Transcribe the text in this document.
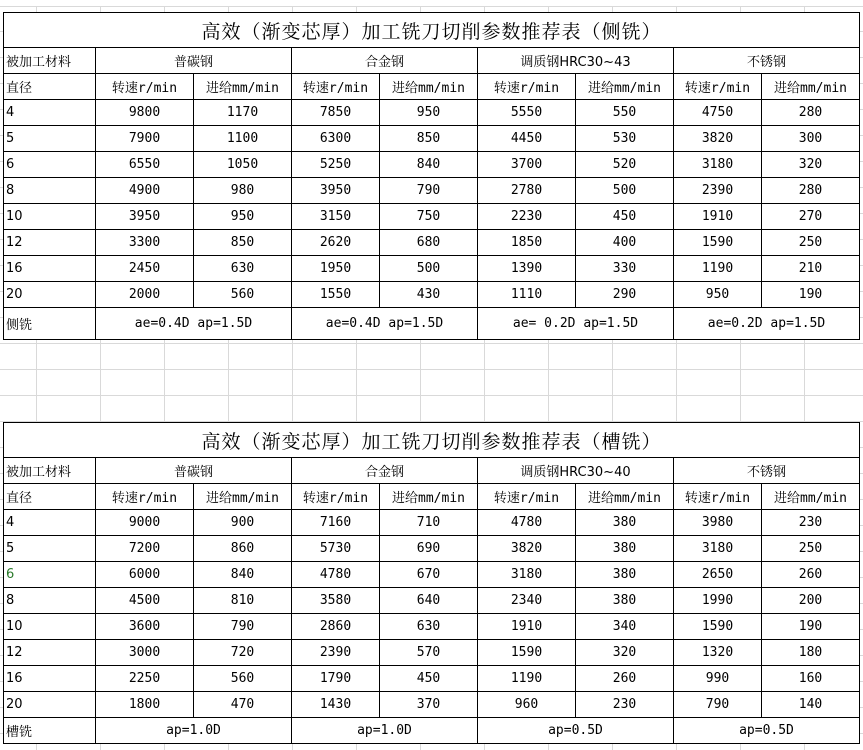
高效（渐变芯厚）加工铣刀切削参数推荐表（侧铣）								
被加工材料	普碳钢		合金钢		调质钢HRC30~43		不锈钢	
直径	转速r/min	进给mm/min	转速r/min	进给mm/min	转速r/min	进给mm/min	转速r/min	进给mm/min
4	9800	1170	7850	950	5550	550	4750	280
5	7900	1100	6300	850	4450	530	3820	300
6	6550	1050	5250	840	3700	520	3180	320
8	4900	980	3950	790	2780	500	2390	280
10	3950	950	3150	750	2230	450	1910	270
12	3300	850	2620	680	1850	400	1590	250
16	2450	630	1950	500	1390	330	1190	210
20	2000	560	1550	430	1110	290	950	190
侧铣	ae=0.4D ap=1.5D		ae=0.4D ap=1.5D		ae= 0.2D ap=1.5D		ae=0.2D ap=1.5D	
高效（渐变芯厚）加工铣刀切削参数推荐表（槽铣）								
被加工材料	普碳钢		合金钢		调质钢HRC30~40		不锈钢	
直径	转速r/min	进给mm/min	转速r/min	进给mm/min	转速r/min	进给mm/min	转速r/min	进给mm/min
4	9000	900	7160	710	4780	380	3980	230
5	7200	860	5730	690	3820	380	3180	250
6	6000	840	4780	670	3180	380	2650	260
8	4500	810	3580	640	2340	380	1990	200
10	3600	790	2860	630	1910	340	1590	190
12	3000	720	2390	570	1590	320	1320	180
16	2250	560	1790	450	1190	260	990	160
20	1800	470	1430	370	960	230	790	140
槽铣	ap=1.0D		ap=1.0D		ap=0.5D		ap=0.5D	
